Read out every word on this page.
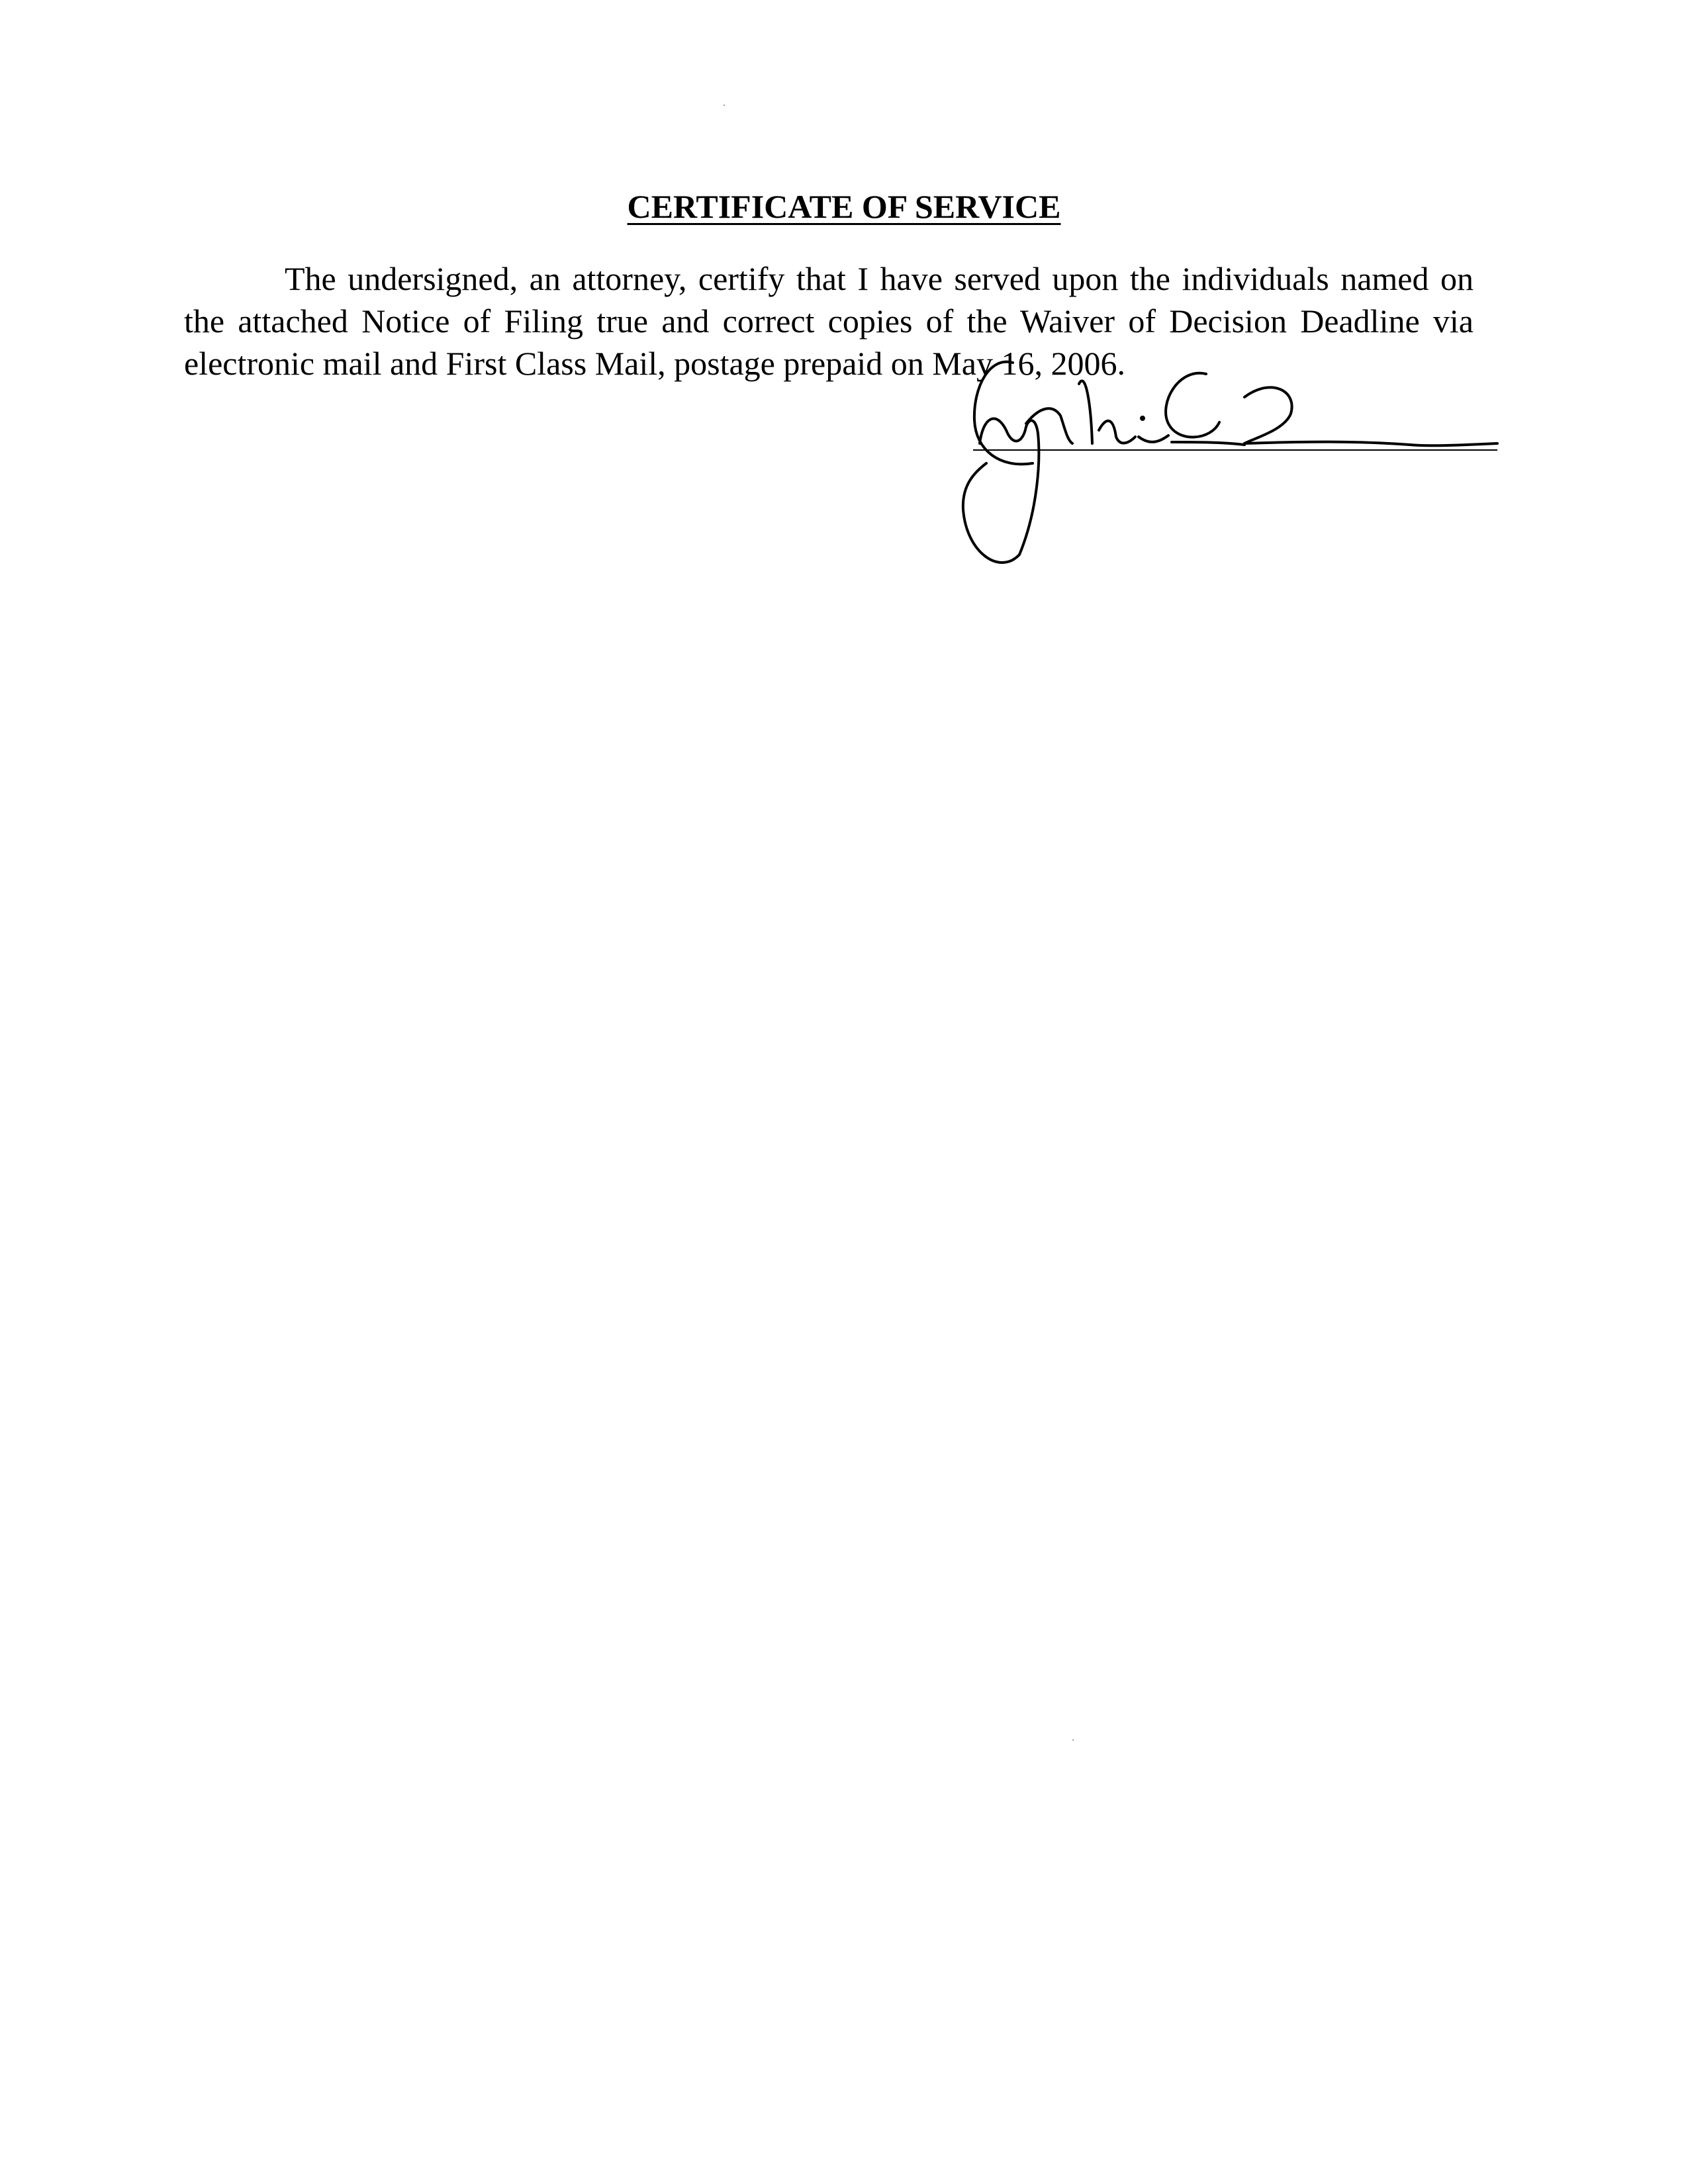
CERTIFICATE OF SERVICE

The undersigned, an attorney, certify that I have served upon the individuals named on the attached Notice of Filing true and correct copies of the Waiver of Decision Deadline via electronic mail and First Class Mail, postage prepaid on May 16, 2006.
